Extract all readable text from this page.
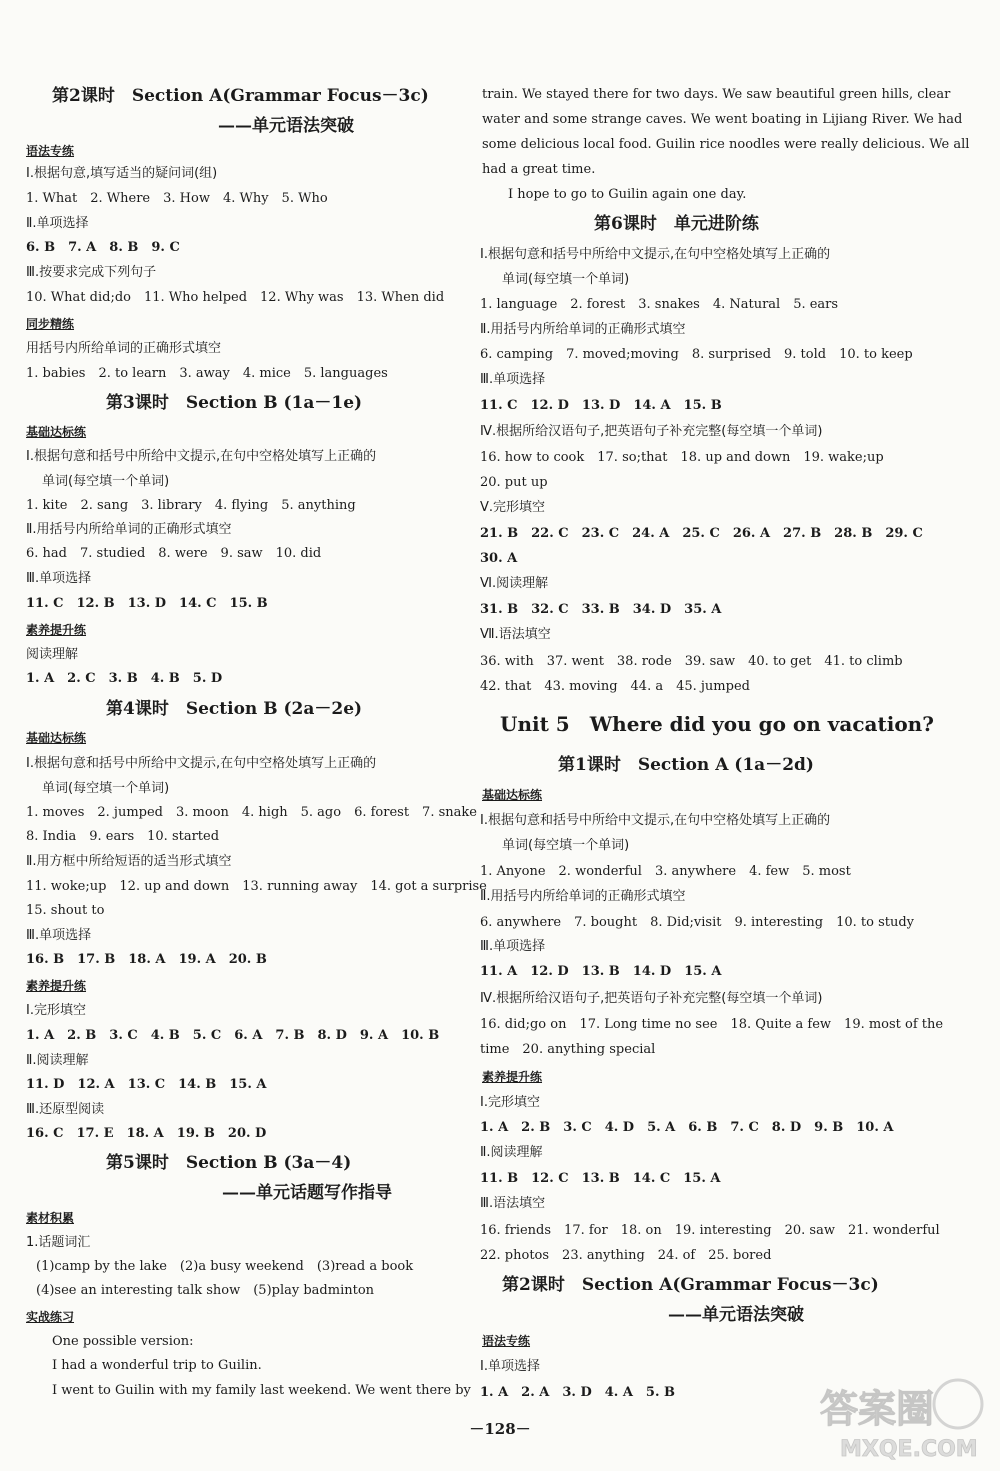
第2课时　Section A(Grammar Focus－3c)
——单元语法突破
语法专练
Ⅰ.根据句意,填写适当的疑问词(组)
1. What　2. Where　3. How　4. Why　5. Who
Ⅱ.单项选择
6. B　7. A　8. B　9. C
Ⅲ.按要求完成下列句子
10. What did;do　11. Who helped　12. Why was　13. When did
同步精练
用括号内所给单词的正确形式填空
1. babies　2. to learn　3. away　4. mice　5. languages
第3课时　Section B (1a－1e)
基础达标练
Ⅰ.根据句意和括号中所给中文提示,在句中空格处填写上正确的
单词(每空填一个单词)
1. kite　2. sang　3. library　4. flying　5. anything
Ⅱ.用括号内所给单词的正确形式填空
6. had　7. studied　8. were　9. saw　10. did
Ⅲ.单项选择
11. C　12. B　13. D　14. C　15. B
素养提升练
阅读理解
1. A　2. C　3. B　4. B　5. D
第4课时　Section B (2a－2e)
基础达标练
Ⅰ.根据句意和括号中所给中文提示,在句中空格处填写上正确的
单词(每空填一个单词)
1. moves　2. jumped　3. moon　4. high　5. ago　6. forest　7. snake
8. India　9. ears　10. started
Ⅱ.用方框中所给短语的适当形式填空
11. woke;up　12. up and down　13. running away　14. got a surprise
15. shout to
Ⅲ.单项选择
16. B　17. B　18. A　19. A　20. B
素养提升练
Ⅰ.完形填空
1. A　2. B　3. C　4. B　5. C　6. A　7. B　8. D　9. A　10. B
Ⅱ.阅读理解
11. D　12. A　13. C　14. B　15. A
Ⅲ.还原型阅读
16. C　17. E　18. A　19. B　20. D
第5课时　Section B (3a－4)
——单元话题写作指导
素材积累
1.话题词汇
(1)camp by the lake　(2)a busy weekend　(3)read a book
(4)see an interesting talk show　(5)play badminton
实战练习
One possible version:
I had a wonderful trip to Guilin.
I went to Guilin with my family last weekend. We went there by
train. We stayed there for two days. We saw beautiful green hills, clear
water and some strange caves. We went boating in Lijiang River. We had
some delicious local food. Guilin rice noodles were really delicious. We all
had a great time.
I hope to go to Guilin again one day.
第6课时　单元进阶练
Ⅰ.根据句意和括号中所给中文提示,在句中空格处填写上正确的
单词(每空填一个单词)
1. language　2. forest　3. snakes　4. Natural　5. ears
Ⅱ.用括号内所给单词的正确形式填空
6. camping　7. moved;moving　8. surprised　9. told　10. to keep
Ⅲ.单项选择
11. C　12. D　13. D　14. A　15. B
Ⅳ.根据所给汉语句子,把英语句子补充完整(每空填一个单词)
16. how to cook　17. so;that　18. up and down　19. wake;up
20. put up
Ⅴ.完形填空
21. B　22. C　23. C　24. A　25. C　26. A　27. B　28. B　29. C
30. A
Ⅵ.阅读理解
31. B　32. C　33. B　34. D　35. A
Ⅶ.语法填空
36. with　37. went　38. rode　39. saw　40. to get　41. to climb
42. that　43. moving　44. a　45. jumped
Unit 5　Where did you go on vacation?
第1课时　Section A (1a－2d)
基础达标练
Ⅰ.根据句意和括号中所给中文提示,在句中空格处填写上正确的
单词(每空填一个单词)
1. Anyone　2. wonderful　3. anywhere　4. few　5. most
Ⅱ.用括号内所给单词的正确形式填空
6. anywhere　7. bought　8. Did;visit　9. interesting　10. to study
Ⅲ.单项选择
11. A　12. D　13. B　14. D　15. A
Ⅳ.根据所给汉语句子,把英语句子补充完整(每空填一个单词)
16. did;go on　17. Long time no see　18. Quite a few　19. most of the
time　20. anything special
素养提升练
Ⅰ.完形填空
1. A　2. B　3. C　4. D　5. A　6. B　7. C　8. D　9. B　10. A
Ⅱ.阅读理解
11. B　12. C　13. B　14. C　15. A
Ⅲ.语法填空
16. friends　17. for　18. on　19. interesting　20. saw　21. wonderful
22. photos　23. anything　24. of　25. bored
第2课时　Section A(Grammar Focus－3c)
——单元语法突破
语法专练
Ⅰ.单项选择
1. A　2. A　3. D　4. A　5. B
－128－	答案圈
MXQE.COM
